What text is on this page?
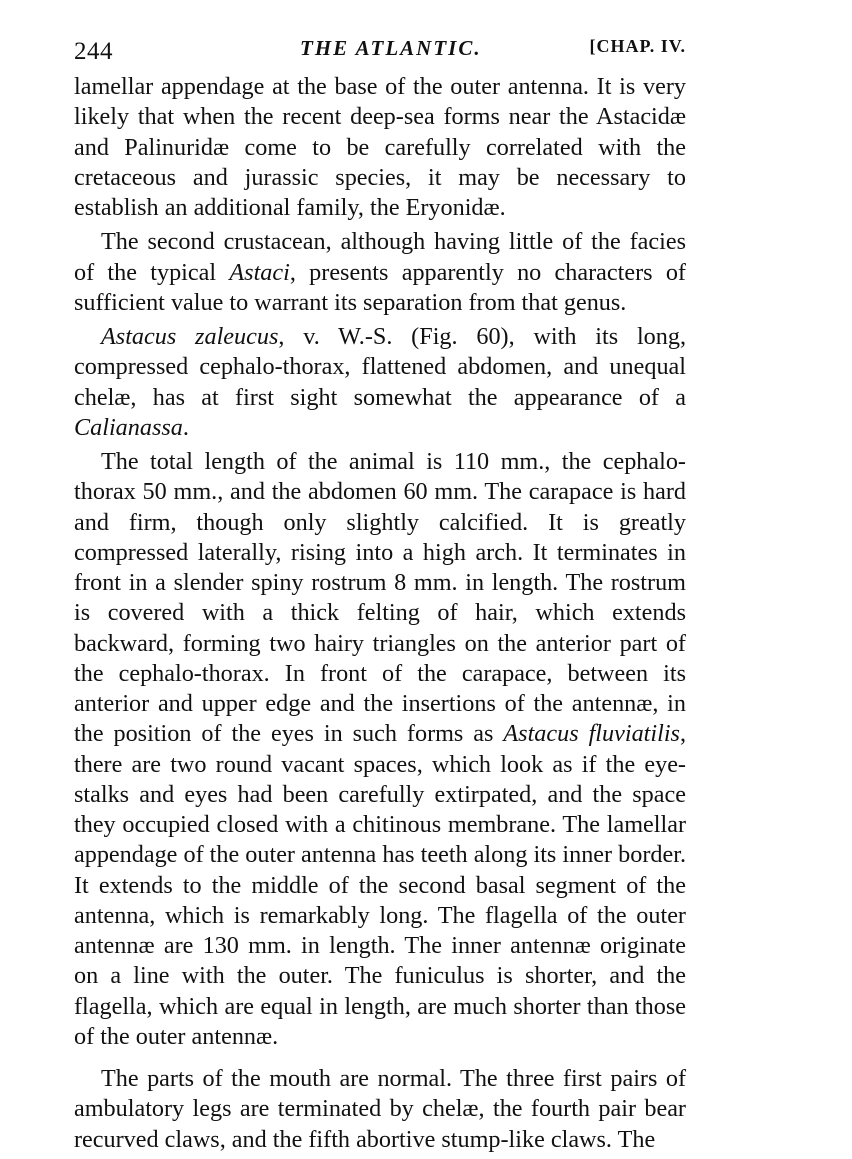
244	THE ATLANTIC.	[CHAP. IV.

lamellar appendage at the base of the outer antenna. It is very likely that when the recent deep-sea forms near the Astacidæ and Palinuridæ come to be carefully correlated with the cretaceous and jurassic species, it may be necessary to establish an additional family, the Eryonidæ.

The second crustacean, although having little of the facies of the typical Astaci, presents apparently no characters of sufficient value to warrant its separation from that genus.

Astacus zaleucus, v. W.-S. (Fig. 60), with its long, compressed cephalo-thorax, flattened abdomen, and unequal chelæ, has at first sight somewhat the appearance of a Calianassa.

The total length of the animal is 110 mm., the cephalo-thorax 50 mm., and the abdomen 60 mm. The carapace is hard and firm, though only slightly calcified. It is greatly compressed laterally, rising into a high arch. It terminates in front in a slender spiny rostrum 8 mm. in length. The rostrum is covered with a thick felting of hair, which extends backward, forming two hairy triangles on the anterior part of the cephalo-thorax. In front of the carapace, between its anterior and upper edge and the insertions of the antennæ, in the position of the eyes in such forms as Astacus fluviatilis, there are two round vacant spaces, which look as if the eye-stalks and eyes had been carefully extirpated, and the space they occupied closed with a chitinous membrane. The lamellar appendage of the outer antenna has teeth along its inner border. It extends to the middle of the second basal segment of the antenna, which is remarkably long. The flagella of the outer antennæ are 130 mm. in length. The inner antennæ originate on a line with the outer. The funiculus is shorter, and the flagella, which are equal in length, are much shorter than those of the outer antennæ.

The parts of the mouth are normal. The three first pairs of ambulatory legs are terminated by chelæ, the fourth pair bear recurved claws, and the fifth abortive stump-like claws. The
